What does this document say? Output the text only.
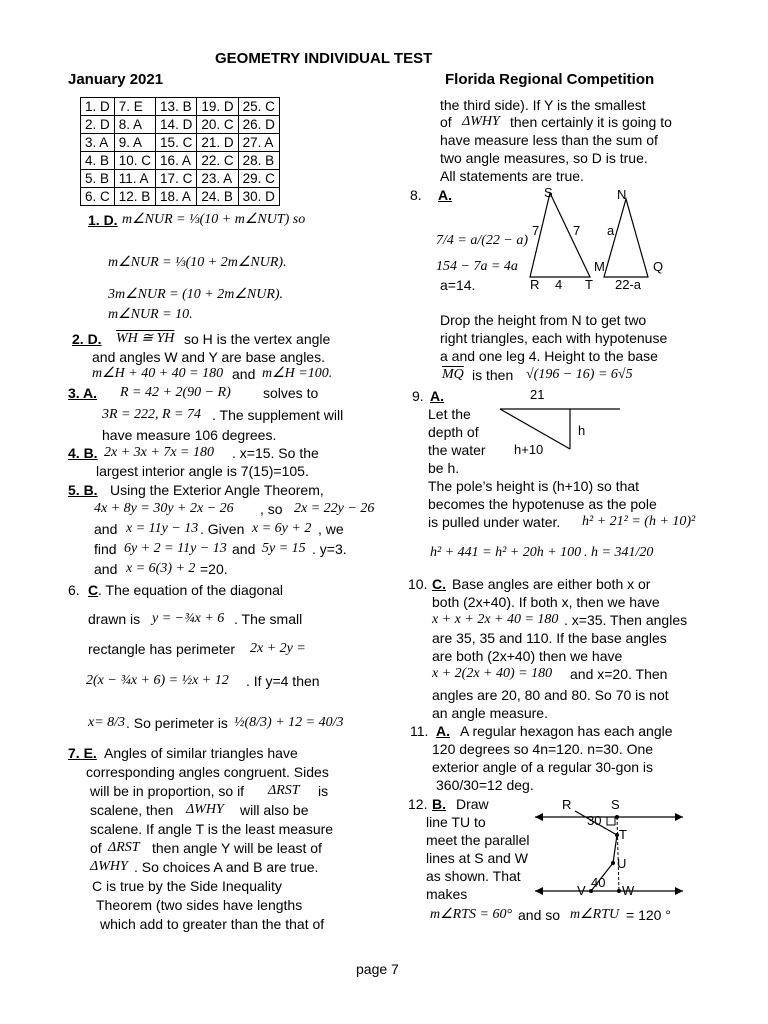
GEOMETRY INDIVIDUAL TEST
January 2021	Florida Regional Competition
1. D	7. E	13. B	19. D	25. C
2. D	8. A	14. D	20. C	26. D
3. A	9. A	15. C	21. D	27. A
4. B	10. C	16. A	22. C	28. B
5. B	11. A	17. C	23. A	29. C
6. C	12. B	18. A	24. B	30. D
1. D. m∠NUR = ⅓(10 + m∠NUT) so
m∠NUR = ⅓(10 + 2m∠NUR).
3m∠NUR = (10 + 2m∠NUR).
m∠NUR = 10.
2. D. WH ≅ YH so H is the vertex angle
and angles W and Y are base angles.
m∠H + 40 + 40 = 180 and m∠H =100.
3. A. R = 42 + 2(90 − R) solves to
3R = 222, R = 74 . The supplement will
have measure 106 degrees.
4. B. 2x + 3x + 7x = 180 . x=15. So the
largest interior angle is 7(15)=105.
5. B. Using the Exterior Angle Theorem,
4x + 8y = 30y + 2x − 26 , so 2x = 22y − 26
and x = 11y − 13 . Given x = 6y + 2 , we
find 6y + 2 = 11y − 13 and 5y = 15 . y=3.
and x = 6(3) + 2 =20.
6. C . The equation of the diagonal
drawn is y = −¾x + 6 . The small
rectangle has perimeter 2x + 2y =
2(x − ¾x + 6) = ½x + 12 . If y=4 then
x= 8/3 . So perimeter is ½(8/3) + 12 = 40/3
7. E. Angles of similar triangles have
corresponding angles congruent. Sides
will be in proportion, so if ΔRST is
scalene, then ΔWHY will also be
scalene. If angle T is the least measure
of ΔRST then angle Y will be least of
ΔWHY . So choices A and B are true.
C is true by the Side Inequality
Theorem (two sides have lengths
which add to greater than the that of
the third side). If Y is the smallest
of ΔWHY then certainly it is going to
have measure less than the sum of
two angle measures, so D is true.
All statements are true.
8. A.
7/4 = a/(22 − a)
154 − 7a = 4a
a=14.
Drop the height from N to get two
right triangles, each with hypotenuse
a and one leg 4. Height to the base
$\overline{MQ}$ is then √(196 − 16) = 6√5
9. A.
Let the
depth of
the water
be h.
The pole’s height is (h+10) so that
becomes the hypotenuse as the pole
is pulled under water. h² + 21² = (h + 10)²
h² + 441 = h² + 20h + 100 . h = 341/20
10. C. Base angles are either both x or
both (2x+40). If both x, then we have
x + x + 2x + 40 = 180 . x=35. Then angles
are 35, 35 and 110. If the base angles
are both (2x+40) then we have
x + 2(2x + 40) = 180 and x=20. Then
angles are 20, 80 and 80. So 70 is not
an angle measure.
11. A. A regular hexagon has each angle
120 degrees so 4n=120. n=30. One
exterior angle of a regular 30-gon is
360/30=12 deg.
12. B. Draw
line TU to
meet the parallel
lines at S and W
as shown. That
makes
m∠RTS = 60° and so m∠RTU = 120 °
S	N
R	T
M	Q
7	7
4
a
22-a
21
h
h+10
R	S
T
U
V	W
30
40
page 7
